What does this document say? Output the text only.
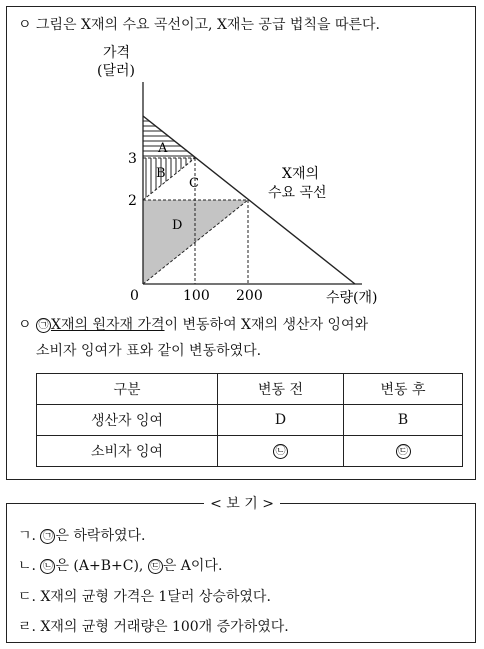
ㅇ 그림은 X재의 수요 곡선이고, X재는 공급 법칙을 따른다.
가격
(달러)
3
2
0	100 200	수량(개)
A
B
C
D
X재의
수요 곡선
ㅇ ㉠ X재의 원자재 가격이 변동하여 X재의 생산자 잉여와
소비자 잉여가 표와 같이 변동하였다.
구분	변동 전	변동 후
생산자 잉여	D	B
소비자 잉여	㉡	㉢
< 보 기 >
ㄱ. ㉠ 은 하락하였다.
ㄴ. ㉡ 은 (A+B+C), ㉢ 은 A이다.
ㄷ. X재의 균형 가격은 1달러 상승하였다.
ㄹ. X재의 균형 거래량은 100개 증가하였다.
